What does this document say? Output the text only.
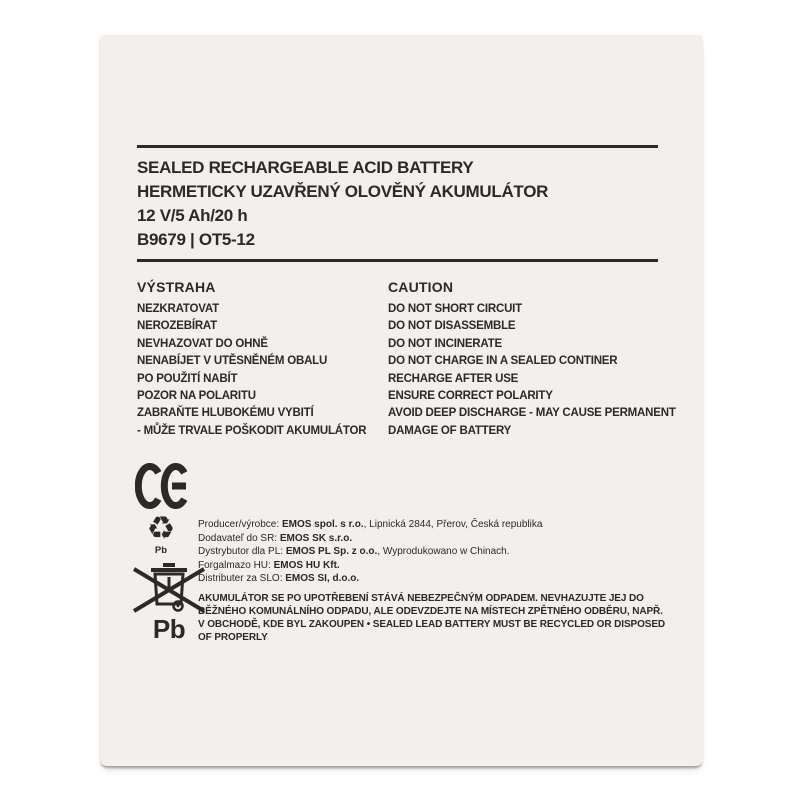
SEALED RECHARGEABLE ACID BATTERY
HERMETICKY UZAVŘENÝ OLOVĚNÝ AKUMULÁTOR
12 V/5 Ah/20 h
B9679 | OT5-12
VÝSTRAHA
NEZKRATOVAT
NEROZEBÍRAT
NEVHAZOVAT DO OHNĚ
NENABÍJET V UTĚSNĚNÉM OBALU
PO POUŽITÍ NABÍT
POZOR NA POLARITU
ZABRAŇTE HLUBOKÉMU VYBITÍ
- MŮŽE TRVALE POŠKODIT AKUMULÁTOR
CAUTION
DO NOT SHORT CIRCUIT
DO NOT DISASSEMBLE
DO NOT INCINERATE
DO NOT CHARGE IN A SEALED CONTINER
RECHARGE AFTER USE
ENSURE CORRECT POLARITY
AVOID DEEP DISCHARGE - MAY CAUSE PERMANENT
DAMAGE OF BATTERY
♻
Pb
Pb
Producer/výrobce: EMOS spol. s r.o., Lipnická 2844, Přerov, Česká republika
Dodavateľ do SR: EMOS SK s.r.o.
Dystrybutor dla PL: EMOS PL Sp. z o.o., Wyprodukowano w Chinach.
Forgalmazo HU: EMOS HU Kft.
Distributer za SLO: EMOS SI, d.o.o.
AKUMULÁTOR SE PO UPOTŘEBENÍ STÁVÁ NEBEZPEČNÝM ODPADEM. NEVHAZUJTE JEJ DO BĚŽNÉHO KOMUNÁLNÍHO ODPADU, ALE ODEVZDEJTE NA MÍSTECH ZPĚTNÉHO ODBĚRU, NAPŘ. V OBCHODĚ, KDE BYL ZAKOUPEN • SEALED LEAD BATTERY MUST BE RECYCLED OR DISPOSED OF PROPERLY
